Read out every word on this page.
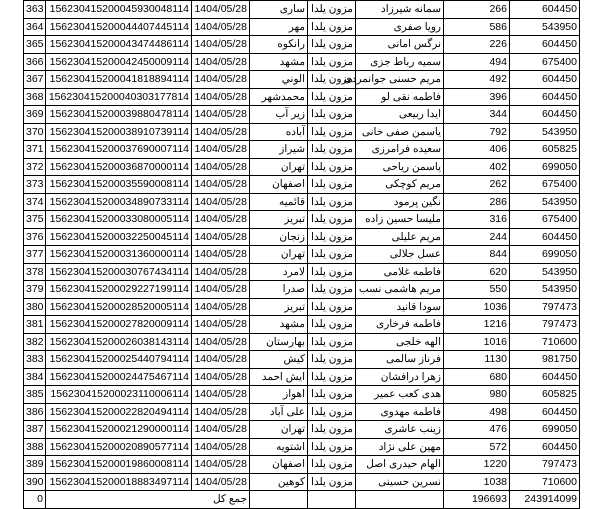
363	156230415200045930048114	1404/05/28	ساری	مزون یلدا	سمانه شیرزاد	266	604450
364	156230415200044407445114	1404/05/28	مهر	مزون یلدا	رویا صفری	586	543950
365	156230415200043474486114	1404/05/28	رانکوه	مزون یلدا	نرگس امانی	226	604450
366	156230415200042450009114	1404/05/28	مشهد	مزون یلدا	سمیه رباط جزی	494	675400
367	156230415200041818894114	1404/05/28	الوني	مزون یلدا	مریم حسنی جوانمردی	492	604450
368	156230415200040303177814	1404/05/28	محمدشهر	مزون یلدا	فاطمه نقی لو	396	604450
369	156230415200039880478114	1404/05/28	زیر آب	مزون یلدا	ایدا ربیعی	344	604450
370	156230415200038910739114	1404/05/28	آباده	مزون یلدا	یاسمن صفی خانی	792	543950
371	156230415200037690007114	1404/05/28	شیراز	مزون یلدا	سعیده فرامرزی	406	605825
372	156230415200036870000114	1404/05/28	تهران	مزون یلدا	یاسمن ریاحی	402	699050
373	156230415200035590008114	1404/05/28	اصفهان	مزون یلدا	مریم کوچکی	262	675400
374	156230415200034890733114	1404/05/28	قائمیه	مزون یلدا	نگین پرمود	286	543950
375	156230415200033080005114	1404/05/28	تبریز	مزون یلدا	ملیسا حسین زاده	316	675400
376	156230415200032250045114	1404/05/28	زنجان	مزون یلدا	مریم عليلى	244	604450
377	156230415200031360000114	1404/05/28	تهران	مزون یلدا	عسل جلالی	844	699050
378	156230415200030767434114	1404/05/28	لامرد	مزون یلدا	فاطمه غلامی	620	543950
379	156230415200029227199114	1404/05/28	صدرا	مزون یلدا	مریم هاشمی نسب	550	543950
380	156230415200028520005114	1404/05/28	تبریز	مزون یلدا	سودا قانید	1036	797473
381	156230415200027820009114	1404/05/28	مشهد	مزون یلدا	فاطمه فرخاری	1216	797473
382	156230415200026038143114	1404/05/28	بهارستان	مزون یلدا	الهه خلجی	1016	710600
383	156230415200025440794114	1404/05/28	کیش	مزون یلدا	فرناز سالمی	1130	981750
384	156230415200024475467114	1404/05/28	ایش احمد	مزون یلدا	زهرا درافشان	680	604450
385	156230415200023110006114	1404/05/28	اهواز	مزون یلدا	هدی کعب عمیر	980	605825
386	156230415200022820494114	1404/05/28	علی آباد	مزون یلدا	فاطمه مهدوی	498	604450
387	156230415200021290000114	1404/05/28	تهران	مزون یلدا	زینب عاشری	476	699050
388	156230415200020890577114	1404/05/28	اشتویه	مزون یلدا	مهین علی نژاد	572	604450
389	156230415200019860008114	1404/05/28	اصفهان	مزون یلدا	الهام حیدری اصل	1220	797473
390	156230415200018883497114	1404/05/28	کوهین	مزون یلدا	نسرین حسینی	1038	710600
0	جمع کل					196693	243914099
